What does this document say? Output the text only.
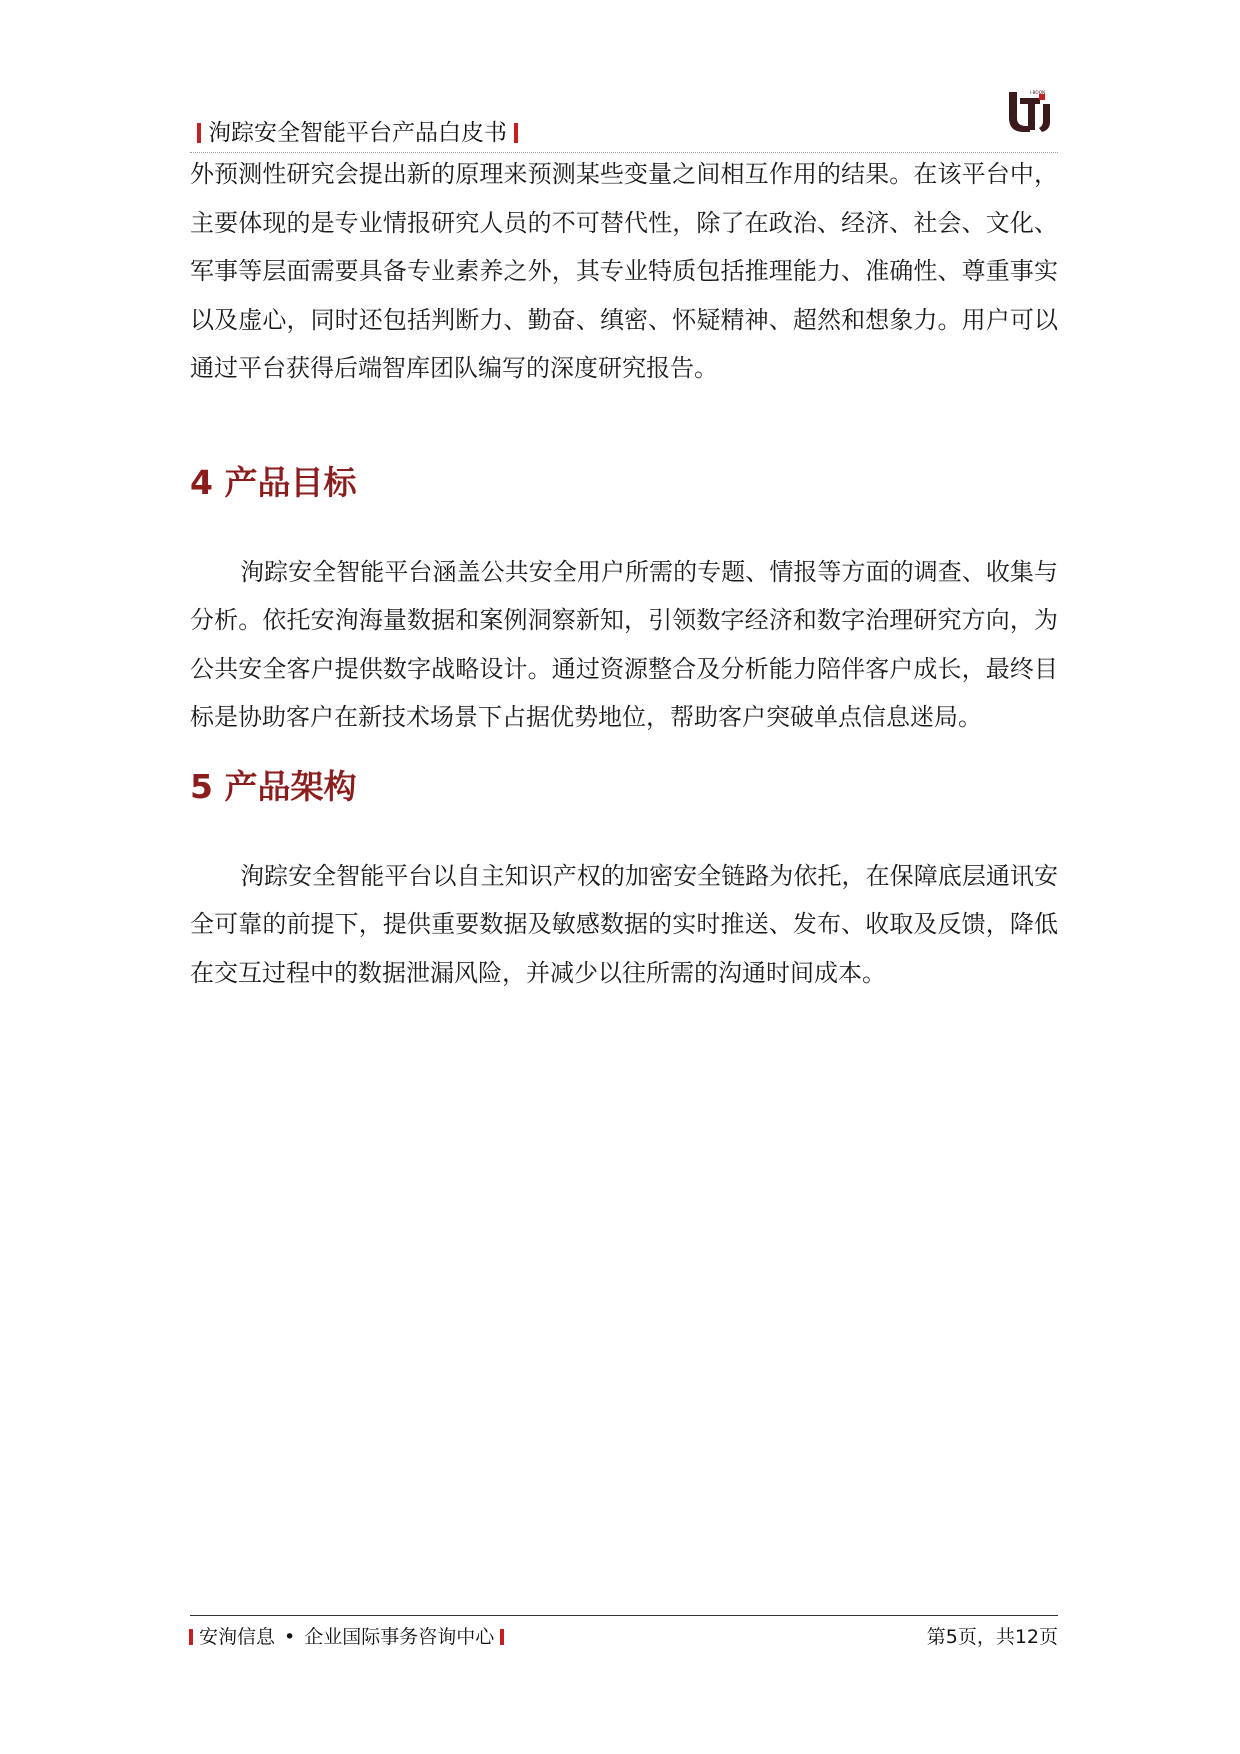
洵踪安全智能平台产品白皮书
I-BOON

外预测性研究会提出新的原理来预测某些变量之间相互作用的结果。在该平台中，主要体现的是专业情报研究人员的不可替代性，除了在政治、经济、社会、文化、军事等层面需要具备专业素养之外，其专业特质包括推理能力、准确性、尊重事实以及虚心，同时还包括判断力、勤奋、缜密、怀疑精神、超然和想象力。用户可以通过平台获得后端智库团队编写的深度研究报告。

4 产品目标

洵踪安全智能平台涵盖公共安全用户所需的专题、情报等方面的调查、收集与分析。依托安洵海量数据和案例洞察新知，引领数字经济和数字治理研究方向，为公共安全客户提供数字战略设计。通过资源整合及分析能力陪伴客户成长，最终目标是协助客户在新技术场景下占据优势地位，帮助客户突破单点信息迷局。

5 产品架构

洵踪安全智能平台以自主知识产权的加密安全链路为依托，在保障底层通讯安全可靠的前提下，提供重要数据及敏感数据的实时推送、发布、收取及反馈，降低在交互过程中的数据泄漏风险，并减少以往所需的沟通时间成本。

安洵信息 • 企业国际事务咨询中心	第5页，共12页
